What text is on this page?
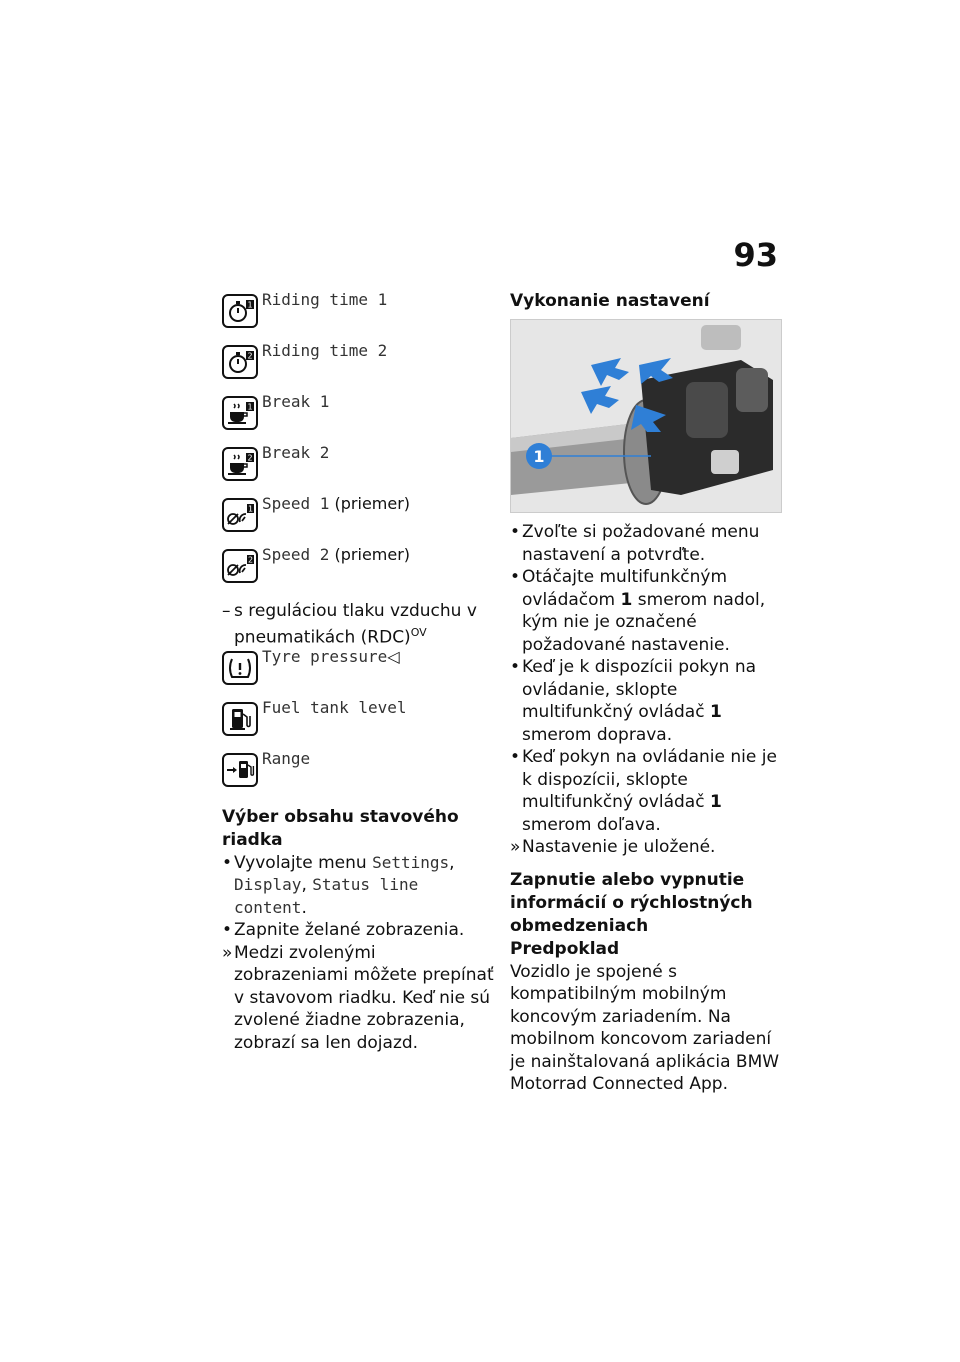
93
1 Riding time 1
2 Riding time 2
1 Break 1
2 Break 2
1 Speed 1 (priemer)
2 Speed 2 (priemer)
– s reguláciou tlaku vzduchu v pneumatikách (RDC)$^{OV}$
Tyre pressure◁
Fuel tank level
Range

Výber obsahu stavového riadka

• Vyvolajte menu Settings, Display, Status line content.
• Zapnite želané zobrazenia.
» Medzi zvolenými zobrazeniami môžete prepínať v stavovom riadku. Keď nie sú zvolené žiadne zobrazenia, zobrazí sa len dojazd.

Vykonanie nastavení

1
• Zvoľte si požadované menu nastavení a potvrďte.
• Otáčajte multifunkčným ovládačom 1 smerom nadol, kým nie je označené požadované nastavenie.
• Keď je k dispozícii pokyn na ovládanie, sklopte multifunkčný ovládač 1 smerom doprava.
• Keď pokyn na ovládanie nie je k dispozícii, sklopte multifunkčný ovládač 1 smerom doľava.
» Nastavenie je uložené.

Zapnutie alebo vypnutie informácií o rýchlostných obmedzeniach

Predpoklad

Vozidlo je spojené s kompatibilným mobilným koncovým zariadením. Na mobilnom koncovom zariadení je nainštalovaná aplikácia BMW Motorrad Connected App.
